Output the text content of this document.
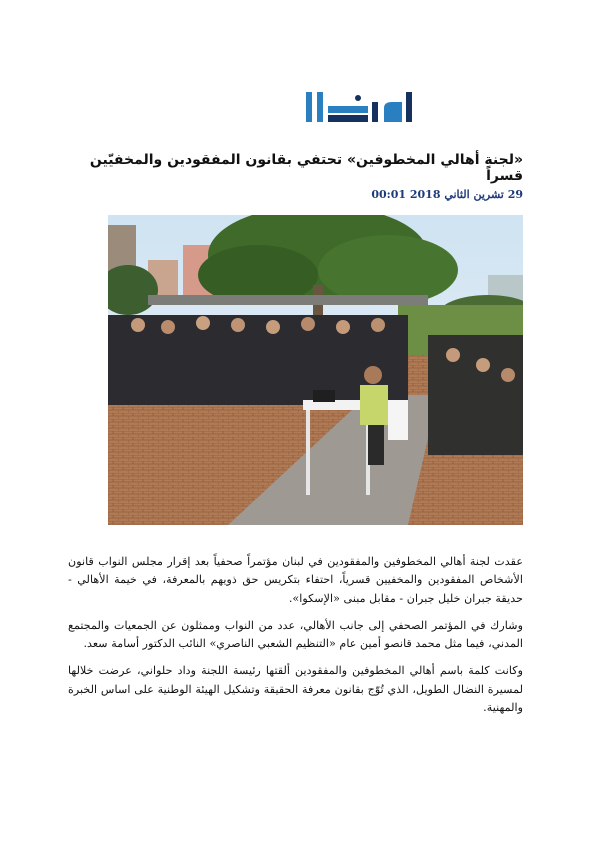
«لجنة أهالي المخطوفين» تحتفي بقانون المفقودين والمخفيّين قسراً
29 تشرين الثاني 2018 00:01

عقدت لجنة أهالي المخطوفين والمفقودين في لبنان مؤتمراً صحفياً بعد إقرار مجلس النواب قانون الأشخاص المفقودين والمخفيين قسرياً، احتفاء بتكريس حق ذويهم بالمعرفة، في خيمة الأهالي - حديقة جبران خليل جبران - مقابل مبنى «الإسكوا».

وشارك في المؤتمر الصحفي إلى جانب الأهالي، عدد من النواب وممثلون عن الجمعيات والمجتمع المدني، فيما مثل محمد قانصو أمين عام «التنظيم الشعبي الناصري» النائب الدكتور أسامة سعد.

وكانت كلمة باسم أهالي المخطوفين والمفقودين ألقتها رئيسة اللجنة وداد حلواني، عرضت خلالها لمسيرة النضال الطويل، الذي تُوّج بقانون معرفة الحقيقة وتشكيل الهيئة الوطنية على اساس الخبرة والمهنية.
